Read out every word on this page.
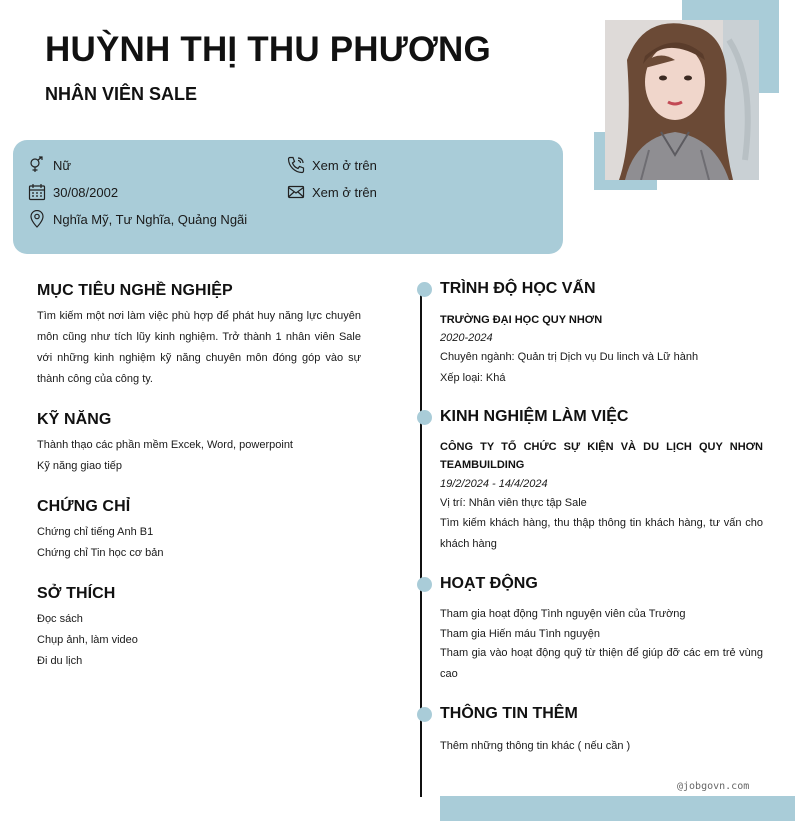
HUỲNH THỊ THU PHƯƠNG
NHÂN VIÊN SALE
Nữ
30/08/2002
Nghĩa Mỹ, Tư Nghĩa, Quảng Ngãi
Xem ở trên
Xem ở trên
MỤC TIÊU NGHỀ NGHIỆP
Tìm kiếm một nơi làm việc phù hợp để phát huy năng lực chuyên môn cũng như tích lũy kinh nghiệm. Trở thành 1 nhân viên Sale với những kinh nghiệm kỹ năng chuyên môn đóng góp vào sự thành công của công ty.
KỸ NĂNG
Thành thạo các phần mềm Excek, Word, powerpoint
Kỹ năng giao tiếp
CHỨNG CHỈ
Chứng chỉ tiếng Anh B1
Chứng chỉ Tin học cơ bản
SỞ THÍCH
Đọc sách
Chụp ảnh, làm video
Đi du lịch
TRÌNH ĐỘ HỌC VẤN
TRƯỜNG ĐẠI HỌC QUY NHƠN
2020-2024
Chuyên ngành: Quản trị Dịch vụ Du linch và Lữ hành
Xếp loại: Khá
KINH NGHIỆM LÀM VIỆC
CÔNG TY TỐ CHỨC SỰ KIỆN VÀ DU LỊCH QUY NHƠN TEAMBUILDING
19/2/2024 - 14/4/2024
Vị trí: Nhân viên thực tập Sale
Tìm kiếm khách hàng, thu thập thông tin khách hàng, tư vấn cho khách hàng
HOẠT ĐỘNG
Tham gia hoạt động Tình nguyện viên của Trường
Tham gia Hiến máu Tình nguyện
Tham gia vào hoạt động quỹ từ thiện để giúp đỡ các em trẻ vùng cao
THÔNG TIN THÊM
Thêm những thông tin khác ( nếu cần )
@jobgovn.com
